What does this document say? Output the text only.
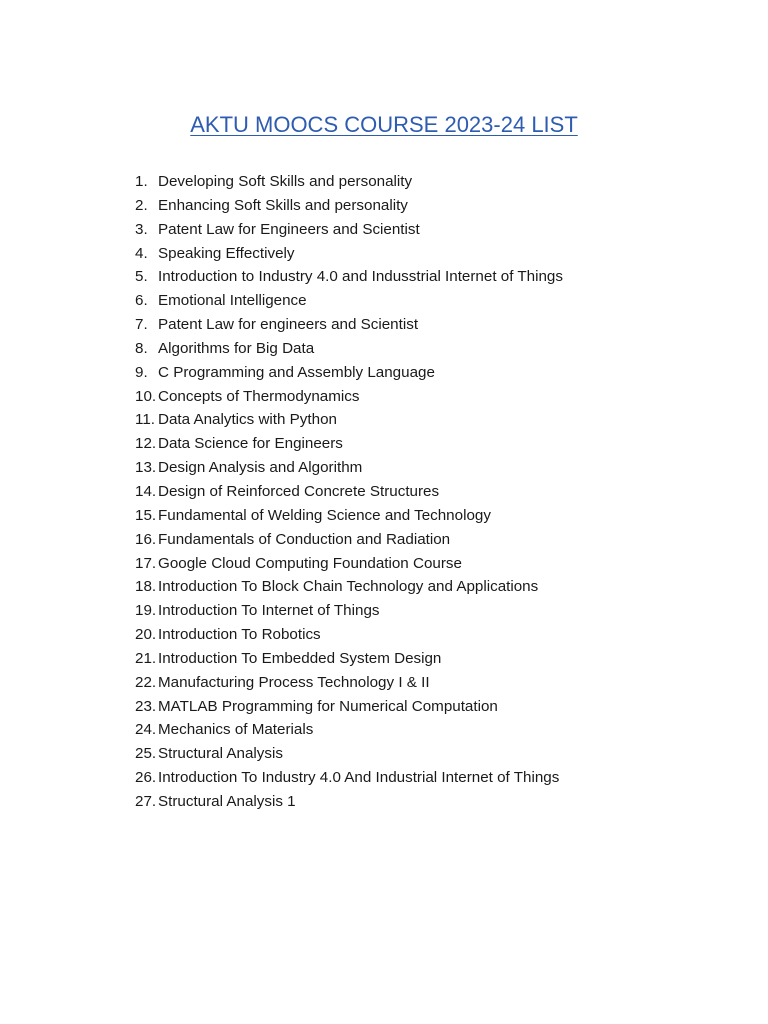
AKTU MOOCS COURSE 2023-24 LIST
1. Developing Soft Skills and personality
2. Enhancing Soft Skills and personality
3. Patent Law for Engineers and Scientist
4. Speaking Effectively
5. Introduction to Industry 4.0 and Indusstrial Internet of Things
6. Emotional Intelligence
7. Patent Law for engineers and Scientist
8. Algorithms for Big Data
9. C Programming and Assembly Language
10. Concepts of Thermodynamics
11. Data Analytics with Python
12. Data Science for Engineers
13. Design Analysis and Algorithm
14. Design of Reinforced Concrete Structures
15. Fundamental of Welding Science and Technology
16. Fundamentals of Conduction and Radiation
17. Google Cloud Computing Foundation Course
18. Introduction To Block Chain Technology and Applications
19. Introduction To Internet of Things
20. Introduction To Robotics
21. Introduction To Embedded System Design
22. Manufacturing Process Technology I & II
23. MATLAB Programming for Numerical Computation
24. Mechanics of Materials
25. Structural Analysis
26. Introduction To Industry 4.0 And Industrial Internet of Things
27. Structural Analysis 1
